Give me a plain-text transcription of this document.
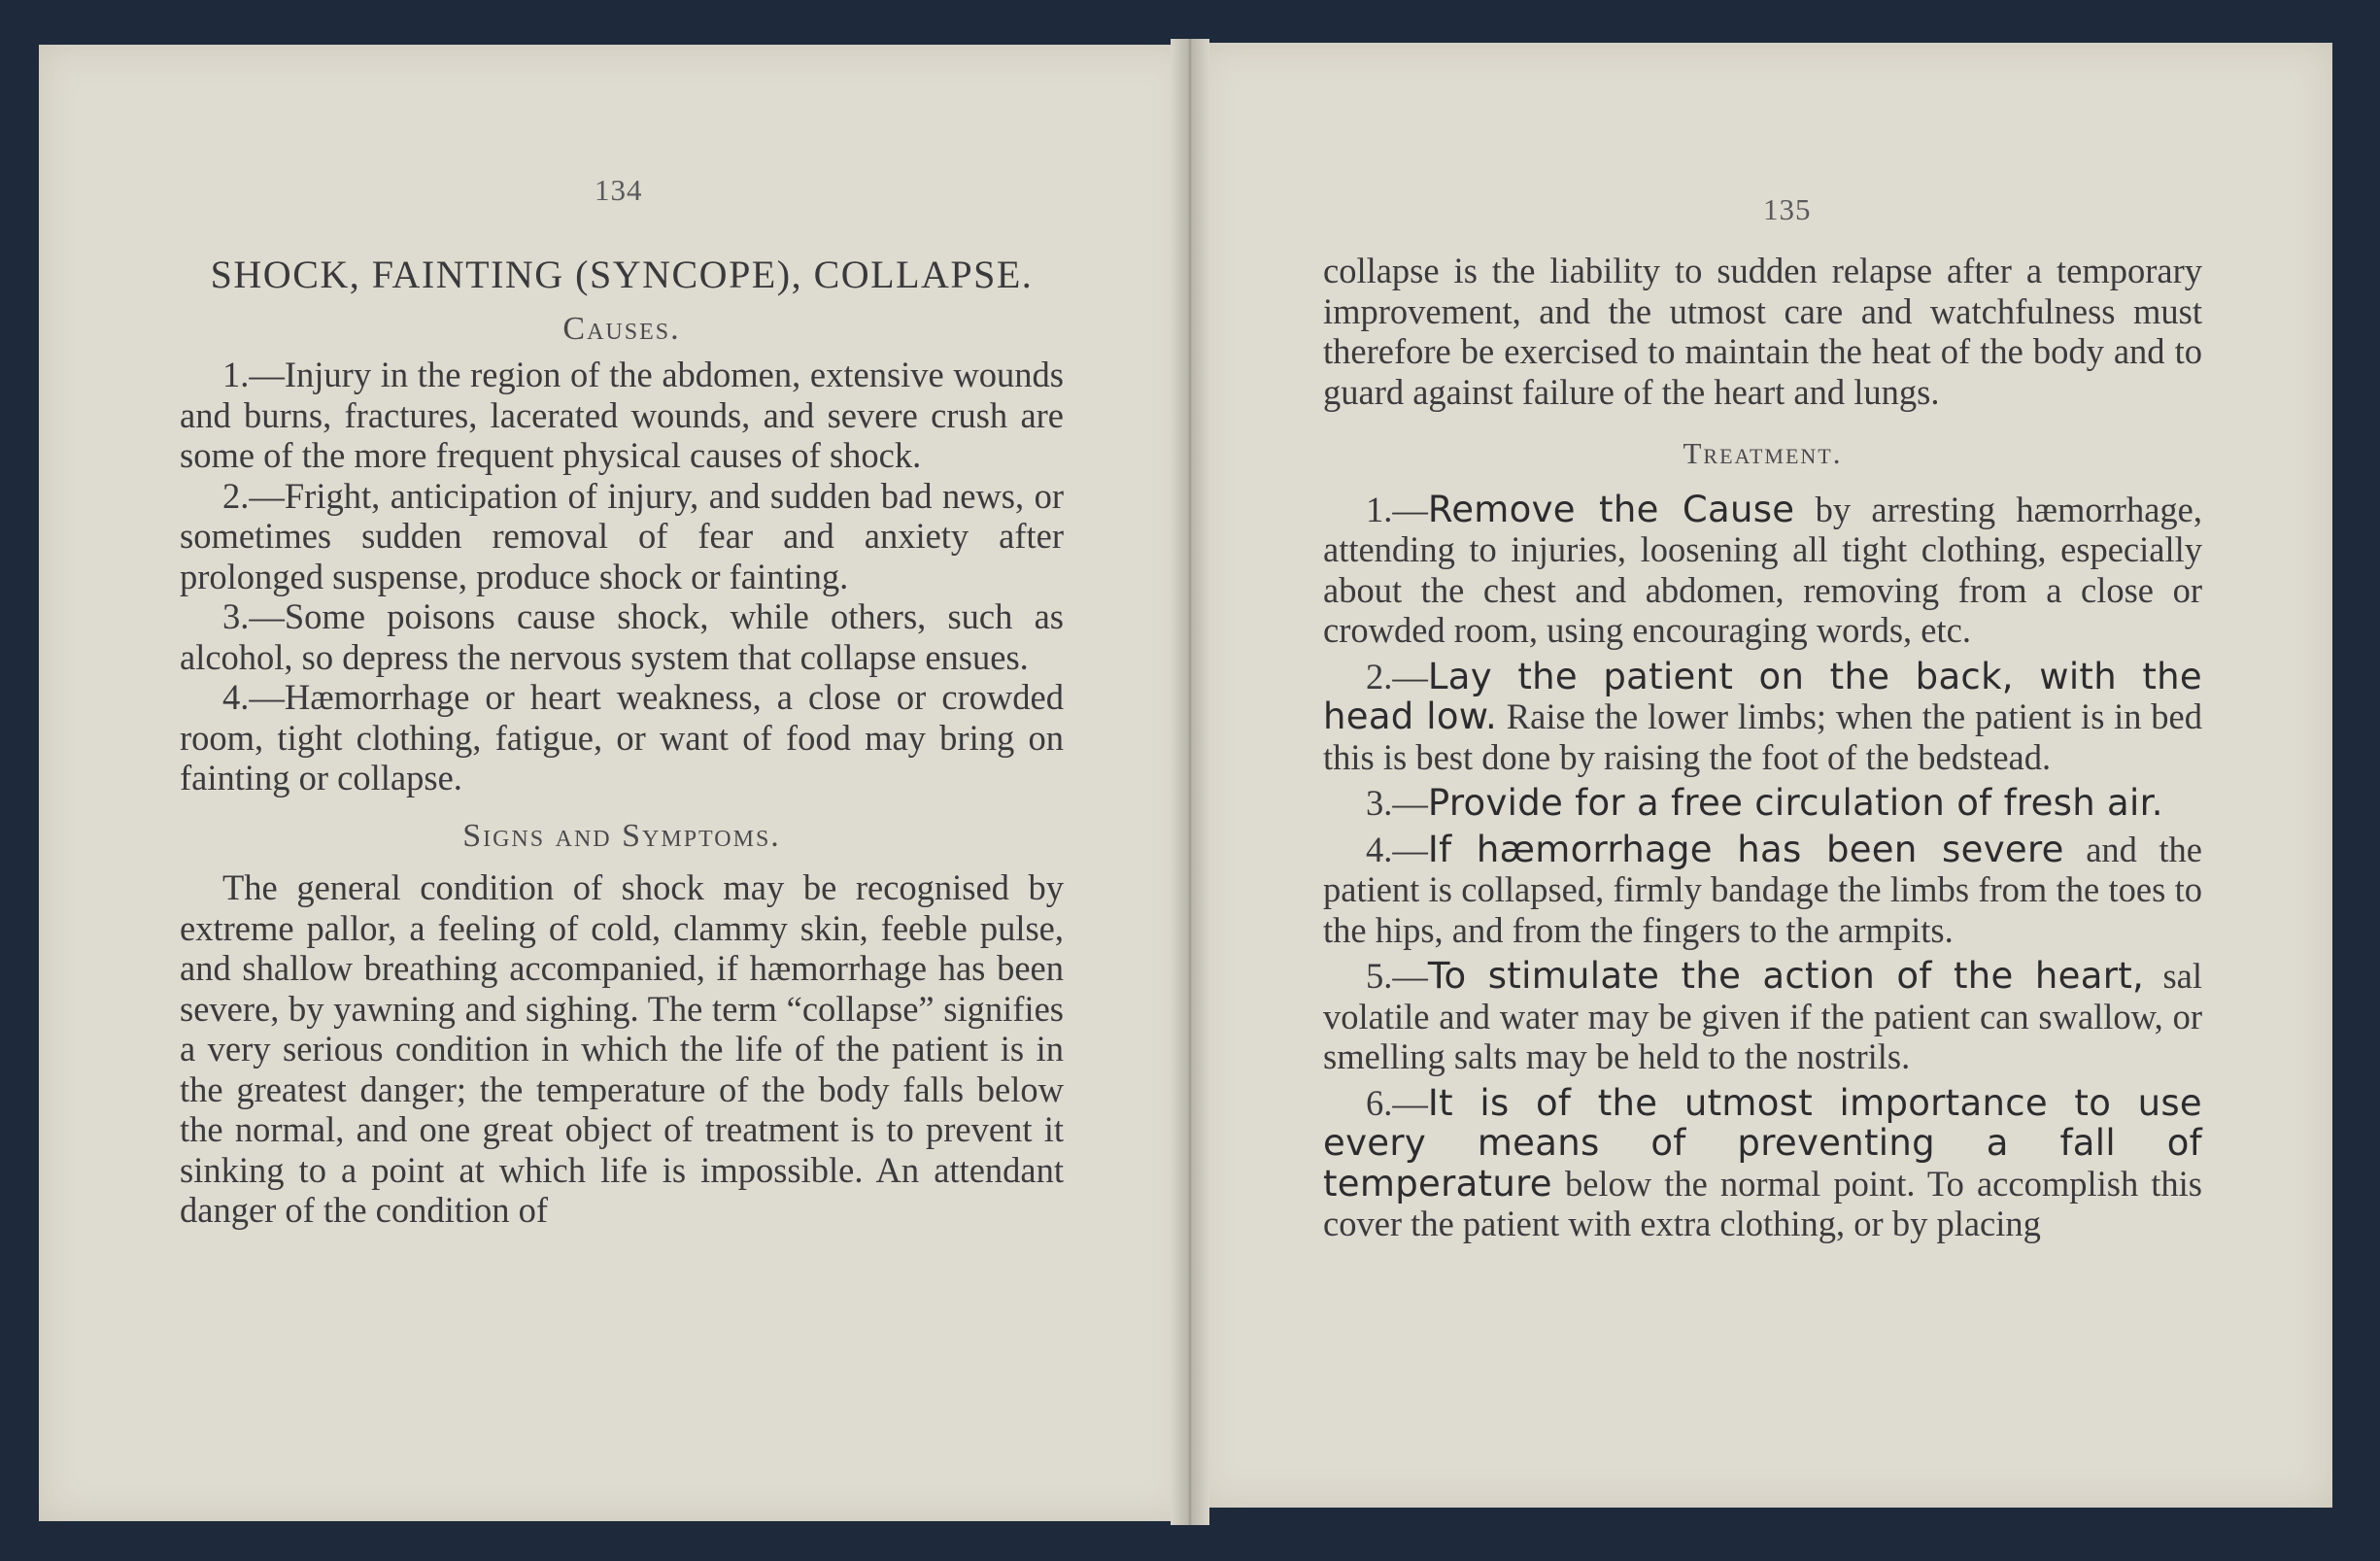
134
SHOCK, FAINTING (SYNCOPE), COLLAPSE.
Causes.

1.—Injury in the region of the abdomen, extensive wounds and burns, fractures, lacerated wounds, and severe crush are some of the more frequent physical causes of shock.

2.—Fright, anticipation of injury, and sudden bad news, or sometimes sudden removal of fear and anxiety after prolonged suspense, produce shock or fainting.

3.—Some poisons cause shock, while others, such as alcohol, so depress the nervous system that collapse ensues.

4.—Hæmorrhage or heart weakness, a close or crowded room, tight clothing, fatigue, or want of food may bring on fainting or collapse.

Signs and Symptoms.

The general condition of shock may be recognised by extreme pallor, a feeling of cold, clammy skin, feeble pulse, and shallow breathing accompanied, if hæmorrhage has been severe, by yawning and sighing. The term “collapse” signifies a very serious condition in which the life of the patient is in the greatest danger; the temperature of the body falls below the normal, and one great object of treatment is to prevent it sinking to a point at which life is impossible. An attendant danger of the condition of

135

collapse is the liability to sudden relapse after a temporary improvement, and the utmost care and watchfulness must therefore be exercised to maintain the heat of the body and to guard against failure of the heart and lungs.

Treatment.

1.—Remove the Cause by arresting hæmorrhage, attending to injuries, loosening all tight clothing, especially about the chest and abdomen, removing from a close or crowded room, using encouraging words, etc.

2.—Lay the patient on the back, with the head low. Raise the lower limbs; when the patient is in bed this is best done by raising the foot of the bedstead.

3.—Provide for a free circulation of fresh air.

4.—If hæmorrhage has been severe and the patient is collapsed, firmly bandage the limbs from the toes to the hips, and from the fingers to the armpits.

5.—To stimulate the action of the heart, sal volatile and water may be given if the patient can swallow, or smelling salts may be held to the nostrils.

6.—It is of the utmost importance to use every means of preventing a fall of temperature below the normal point. To accomplish this cover the patient with extra clothing, or by placing
